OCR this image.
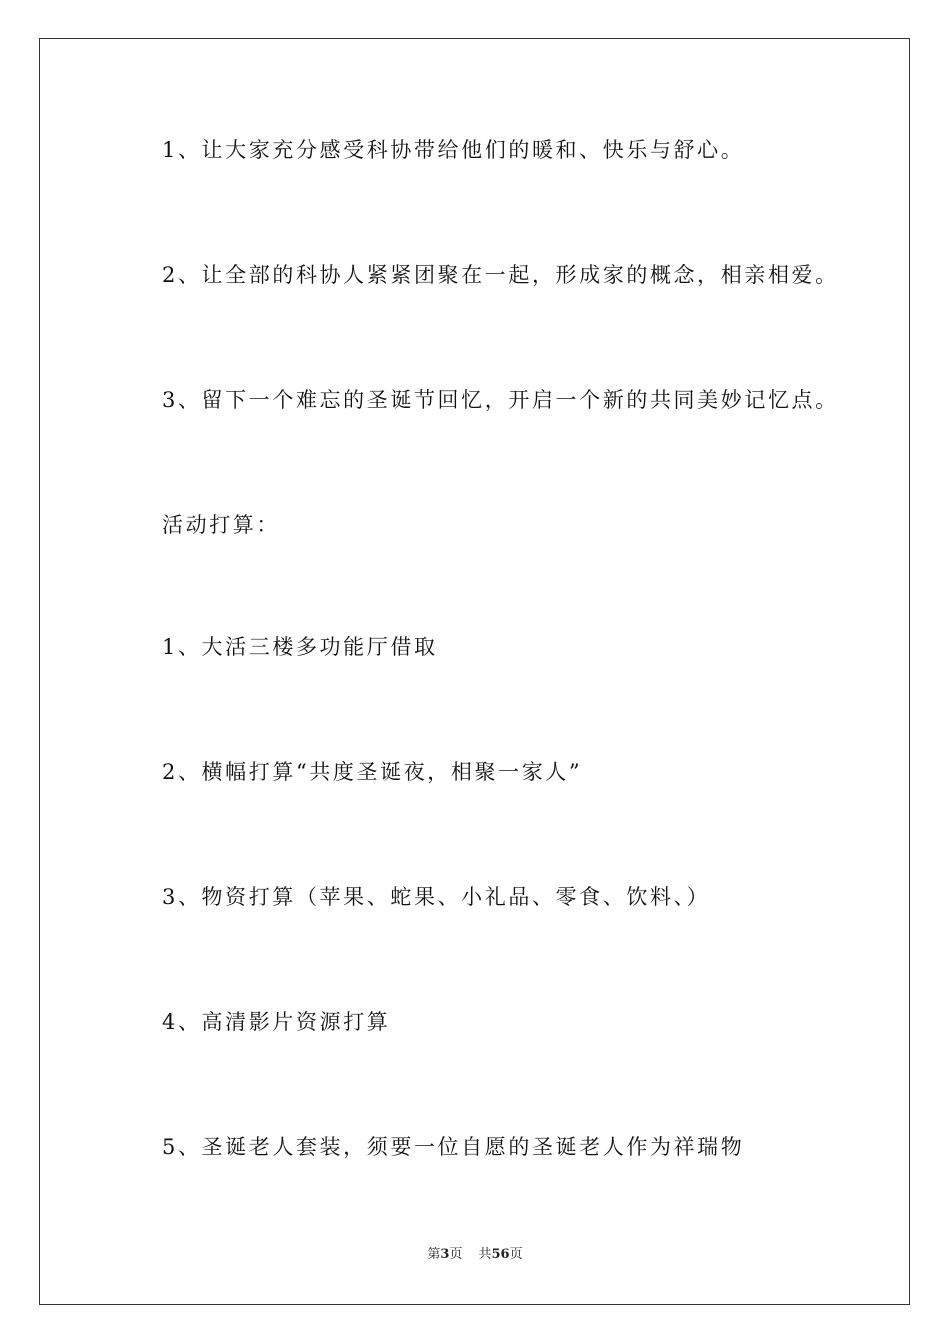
1、让大家充分感受科协带给他们的暖和、快乐与舒心。
2、让全部的科协人紧紧团聚在一起，形成家的概念，相亲相爱。
3、留下一个难忘的圣诞节回忆，开启一个新的共同美妙记忆点。
活动打算：
1、大活三楼多功能厅借取
2、横幅打算“共度圣诞夜，相聚一家人”
3、物资打算（苹果、蛇果、小礼品、零食、饮料、）
4、高清影片资源打算
5、圣诞老人套装，须要一位自愿的圣诞老人作为祥瑞物
第3页 共56页
